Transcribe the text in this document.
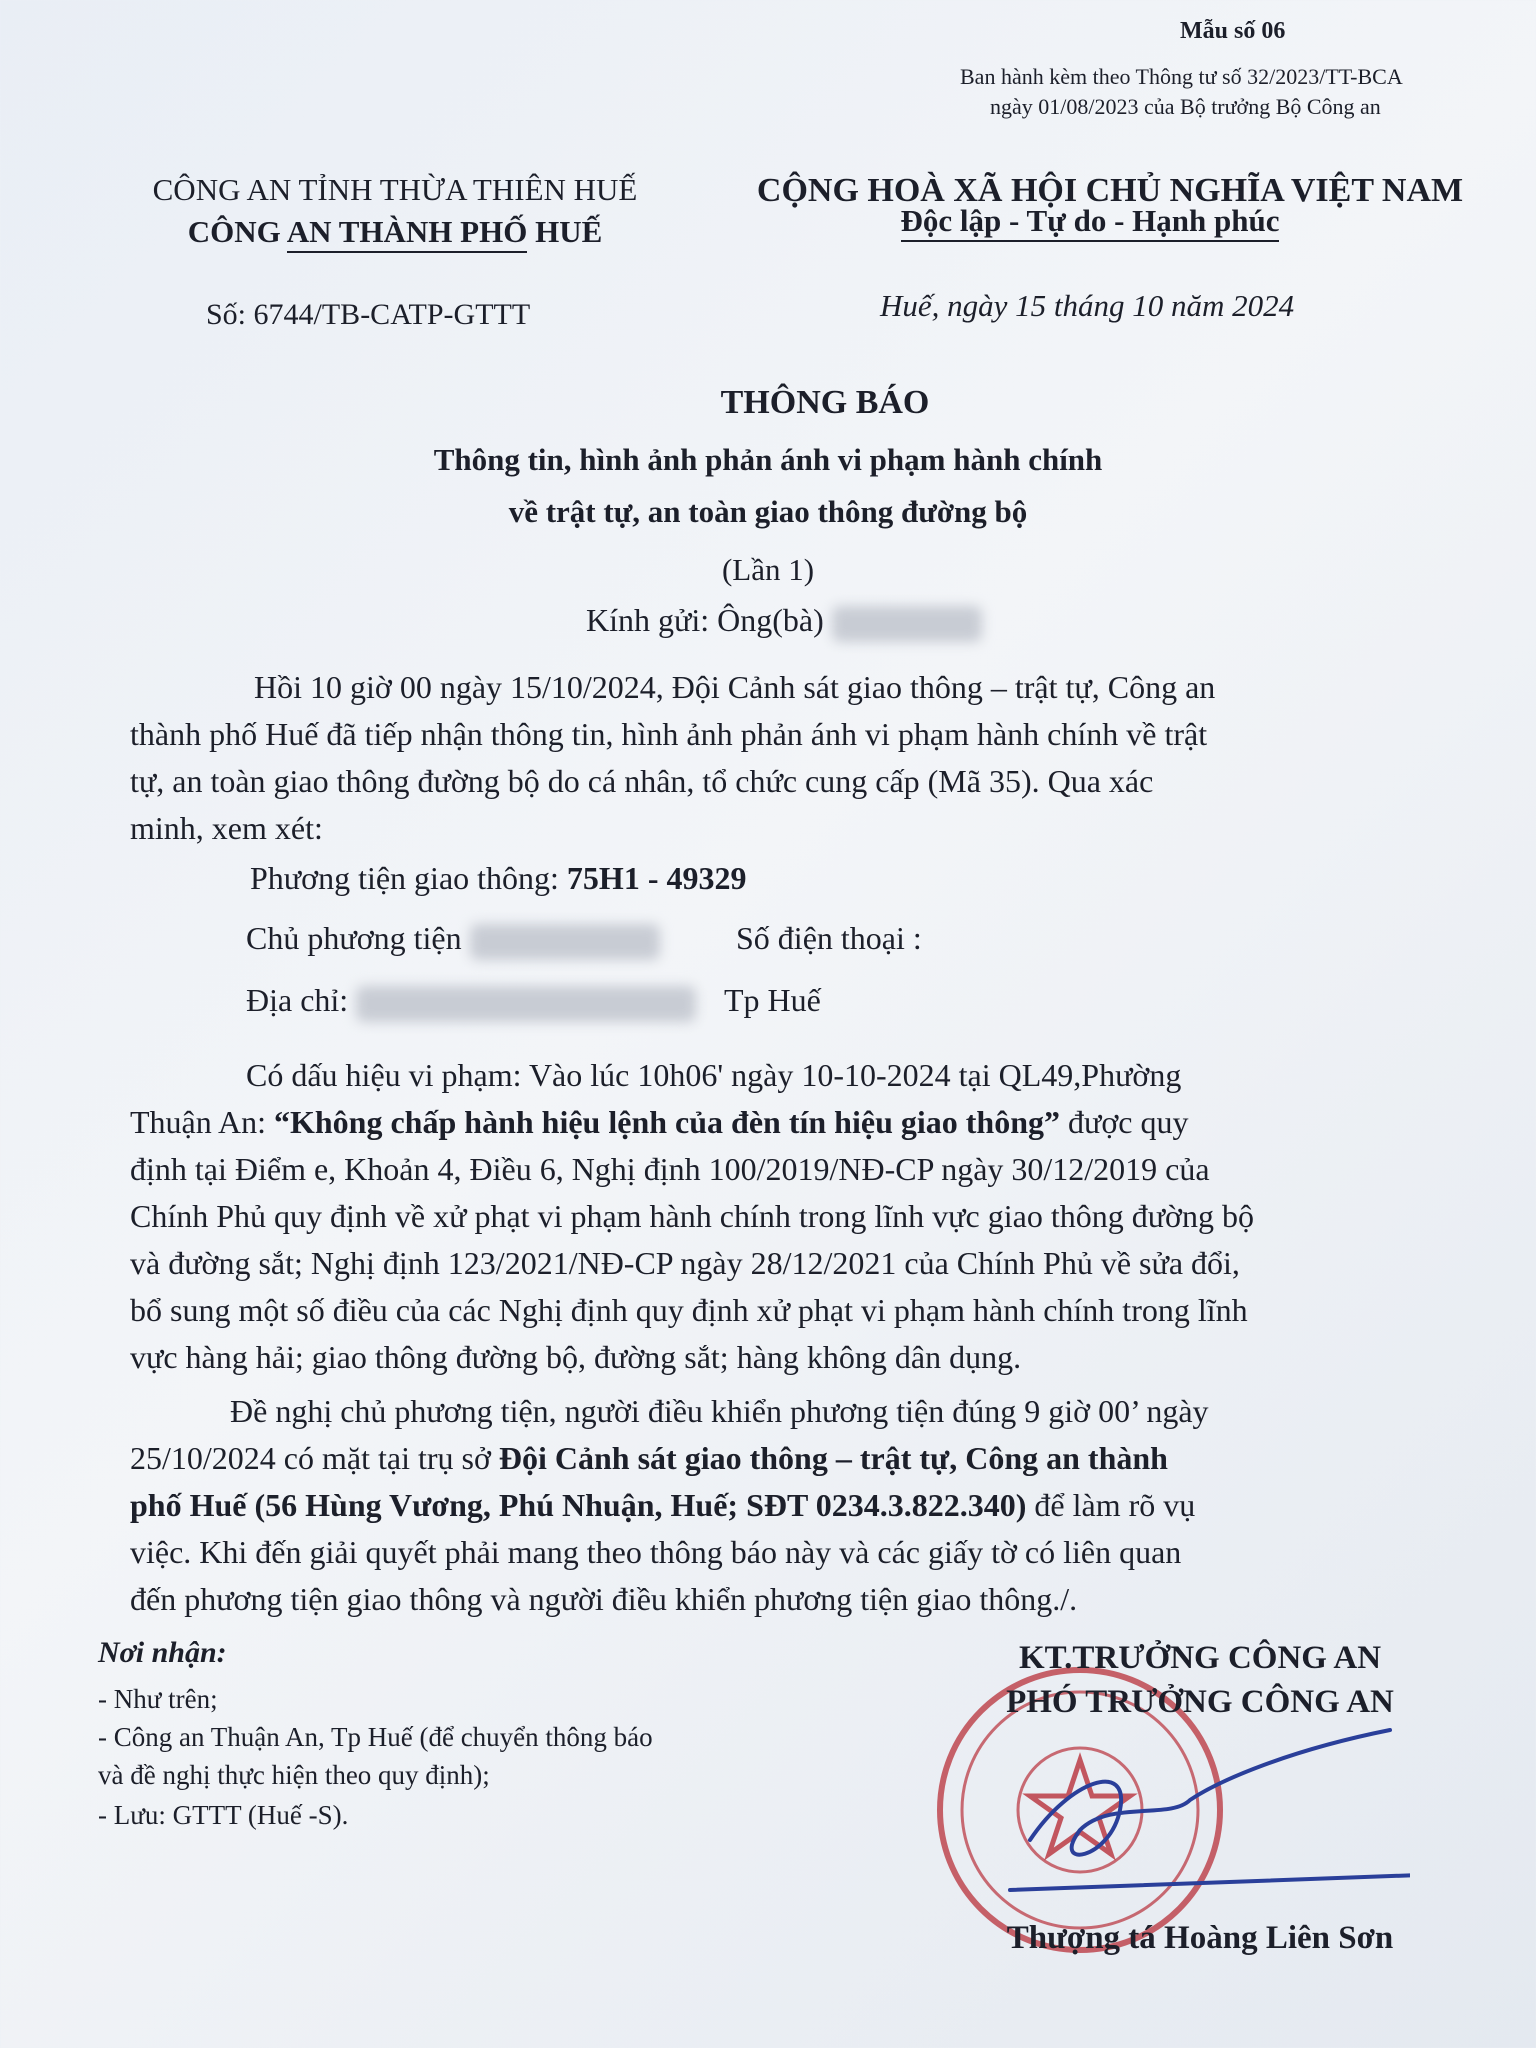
Mẫu số 06
Ban hành kèm theo Thông tư số 32/2023/TT-BCA
ngày 01/08/2023 của Bộ trưởng Bộ Công an
CÔNG AN TỈNH THỪA THIÊN HUẾ
CÔNG AN THÀNH PHỐ HUẾ
CỘNG HOÀ XÃ HỘI CHỦ NGHĨA VIỆT NAM
Độc lập - Tự do - Hạnh phúc
Số: 6744/TB-CATP-GTTT	Huế, ngày 15 tháng 10 năm 2024
THÔNG BÁO
Thông tin, hình ảnh phản ánh vi phạm hành chính
về trật tự, an toàn giao thông đường bộ
(Lần 1)
Kính gửi: Ông(bà)
Hồi 10 giờ 00 ngày 15/10/2024, Đội Cảnh sát giao thông – trật tự, Công an
thành phố Huế đã tiếp nhận thông tin, hình ảnh phản ánh vi phạm hành chính về trật
tự, an toàn giao thông đường bộ do cá nhân, tổ chức cung cấp (Mã 35). Qua xác
minh, xem xét:
Phương tiện giao thông: 75H1 - 49329
Chủ phương tiện	Số điện thoại :
Địa chỉ:	Tp Huế
Có dấu hiệu vi phạm: Vào lúc 10h06' ngày 10-10-2024 tại QL49,Phường
Thuận An: “Không chấp hành hiệu lệnh của đèn tín hiệu giao thông” được quy
định tại Điểm e, Khoản 4, Điều 6, Nghị định 100/2019/NĐ-CP ngày 30/12/2019 của
Chính Phủ quy định về xử phạt vi phạm hành chính trong lĩnh vực giao thông đường bộ
và đường sắt; Nghị định 123/2021/NĐ-CP ngày 28/12/2021 của Chính Phủ về sửa đổi,
bổ sung một số điều của các Nghị định quy định xử phạt vi phạm hành chính trong lĩnh
vực hàng hải; giao thông đường bộ, đường sắt; hàng không dân dụng.
Đề nghị chủ phương tiện, người điều khiển phương tiện đúng 9 giờ 00’ ngày
25/10/2024 có mặt tại trụ sở Đội Cảnh sát giao thông – trật tự, Công an thành
phố Huế (56 Hùng Vương, Phú Nhuận, Huế; SĐT 0234.3.822.340) để làm rõ vụ
việc. Khi đến giải quyết phải mang theo thông báo này và các giấy tờ có liên quan
đến phương tiện giao thông và người điều khiển phương tiện giao thông./.
Nơi nhận:
- Như trên;
- Công an Thuận An, Tp Huế (để chuyển thông báo
và đề nghị thực hiện theo quy định);
- Lưu: GTTT (Huế -S).
KT.TRƯỞNG CÔNG AN
PHÓ TRƯỞNG CÔNG AN
Thượng tá Hoàng Liên Sơn
